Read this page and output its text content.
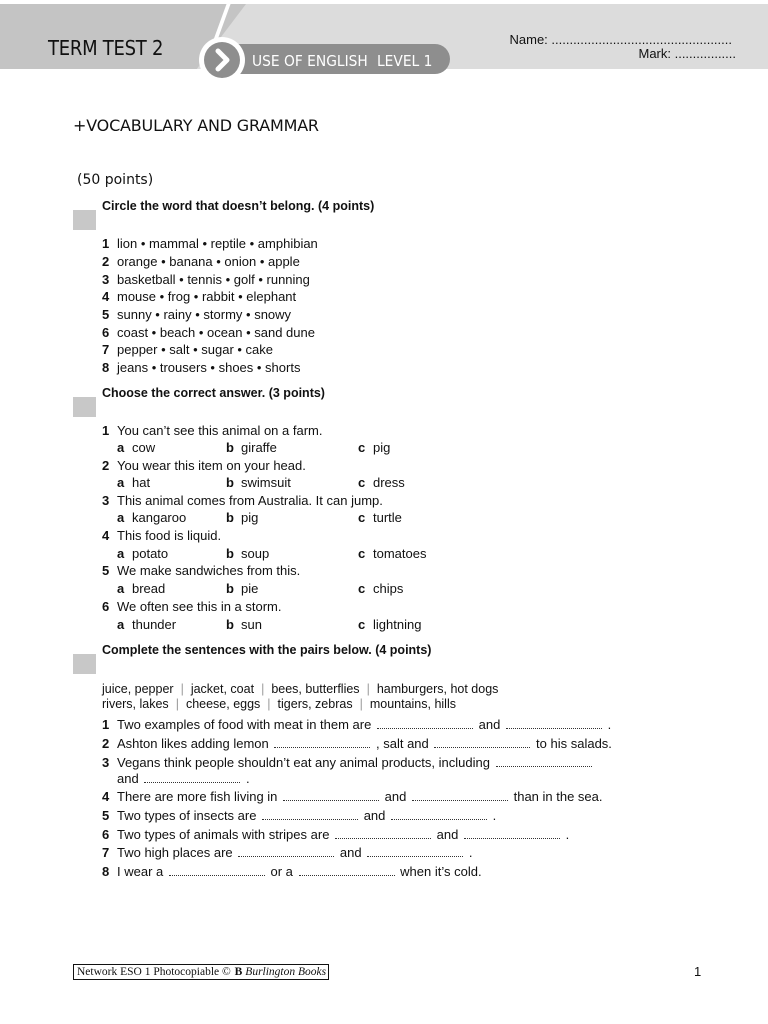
TERM TEST 2
USE OF ENGLISH LEVEL 1
Name: ..................................................
Mark: .................
+VOCABULARY AND GRAMMAR
(50 points)
Circle the word that doesn’t belong. (4 points)
1 lion • mammal • reptile • amphibian
2 orange • banana • onion • apple
3 basketball • tennis • golf • running
4 mouse • frog • rabbit • elephant
5 sunny • rainy • stormy • snowy
6 coast • beach • ocean • sand dune
7 pepper • salt • sugar • cake
8 jeans • trousers • shoes • shorts
Choose the correct answer. (3 points)
1 You can’t see this animal on a farm.
a cow	b giraffe	c pig
2 You wear this item on your head.
a hat	b swimsuit	c dress
3 This animal comes from Australia. It can jump.
a kangaroo	b pig	c turtle
4 This food is liquid.
a potato	b soup	c tomatoes
5 We make sandwiches from this.
a bread	b pie	c chips
6 We often see this in a storm.
a thunder	b sun	c lightning
Complete the sentences with the pairs below. (4 points)
juice, pepper | jacket, coat | bees, butterflies | hamburgers, hot dogs
rivers, lakes | cheese, eggs | tigers, zebras | mountains, hills
1 Two examples of food with meat in them are	and	.
2 Ashton likes adding lemon	, salt and	to his salads.
3 Vegans think people shouldn’t eat any animal products, including
and	.
4 There are more fish living in	and	than in the sea.
5 Two types of insects are	and	.
6 Two types of animals with stripes are	and	.
7 Two high places are	and	.
8 I wear a	or a	when it’s cold.
Network ESO 1 Photocopiable © B Burlington Books	1
